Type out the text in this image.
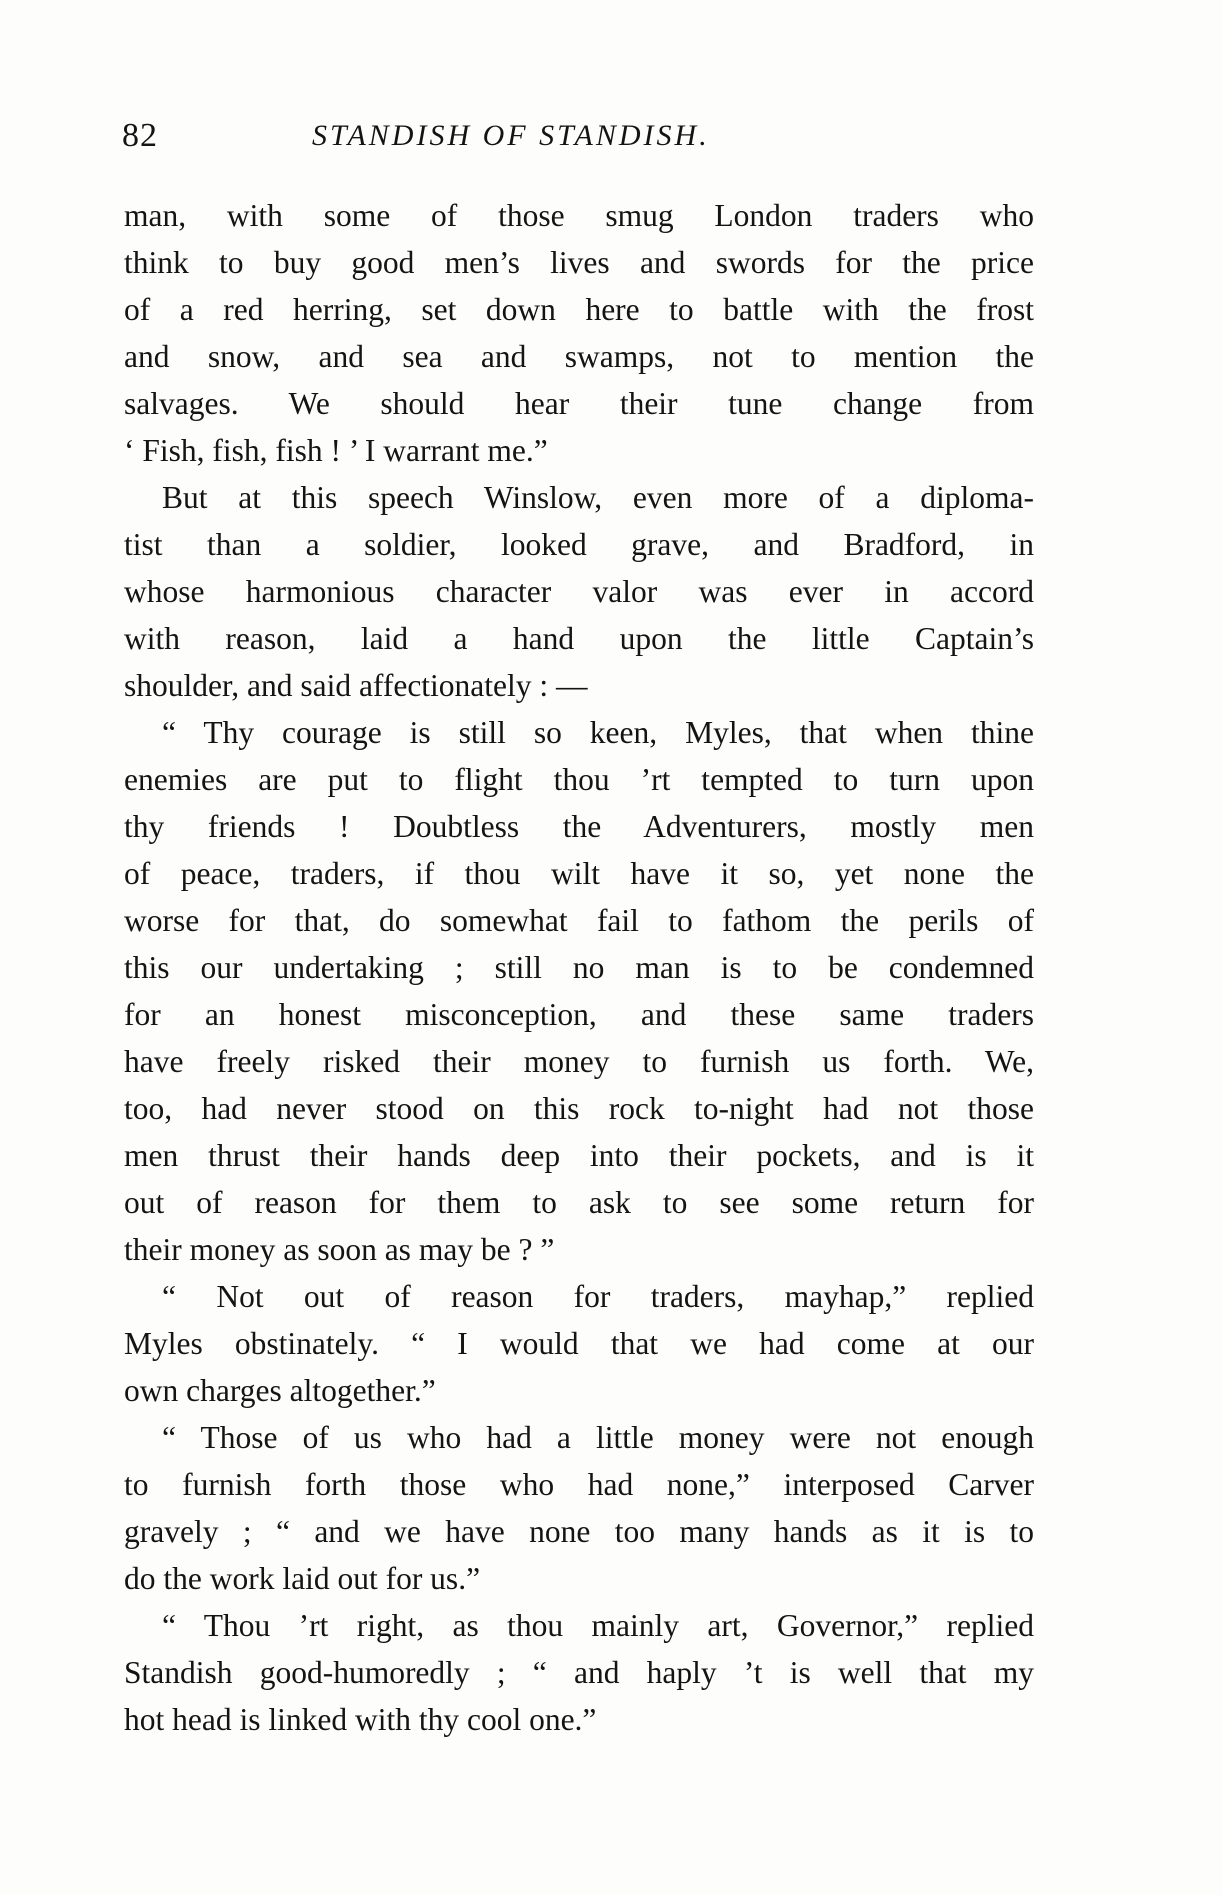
82	STANDISH OF STANDISH.
man, with some of those smug London traders who
think to buy good men’s lives and swords for the price
of a red herring, set down here to battle with the frost
and snow, and sea and swamps, not to mention the
salvages. We should hear their tune change from
‘ Fish, fish, fish ! ’ I warrant me.”
But at this speech Winslow, even more of a diploma-
tist than a soldier, looked grave, and Bradford, in
whose harmonious character valor was ever in accord
with reason, laid a hand upon the little Captain’s
shoulder, and said affectionately : —
“ Thy courage is still so keen, Myles, that when thine
enemies are put to flight thou ’rt tempted to turn upon
thy friends ! Doubtless the Adventurers, mostly men
of peace, traders, if thou wilt have it so, yet none the
worse for that, do somewhat fail to fathom the perils of
this our undertaking ; still no man is to be condemned
for an honest misconception, and these same traders
have freely risked their money to furnish us forth. We,
too, had never stood on this rock to-night had not those
men thrust their hands deep into their pockets, and is it
out of reason for them to ask to see some return for
their money as soon as may be ? ”
“ Not out of reason for traders, mayhap,” replied
Myles obstinately. “ I would that we had come at our
own charges altogether.”
“ Those of us who had a little money were not enough
to furnish forth those who had none,” interposed Carver
gravely ; “ and we have none too many hands as it is to
do the work laid out for us.”
“ Thou ’rt right, as thou mainly art, Governor,” replied
Standish good-humoredly ; “ and haply ’t is well that my
hot head is linked with thy cool one.”
